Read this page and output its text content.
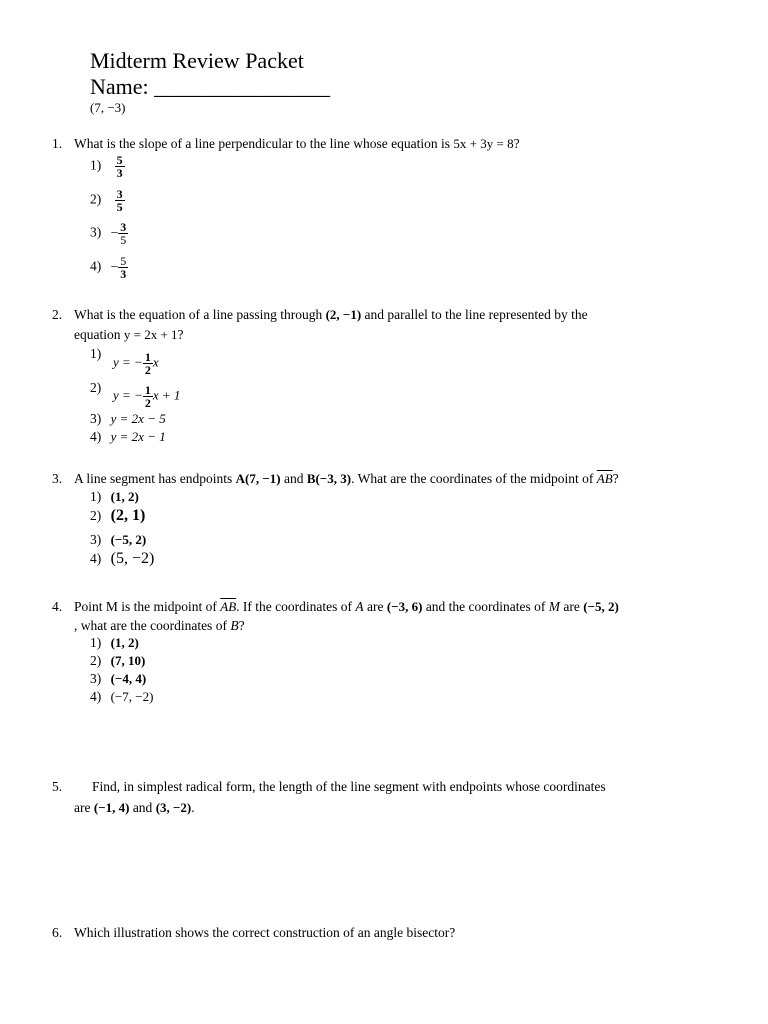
Midterm Review Packet
Name: ________________
(7, −3)
1. What is the slope of a line perpendicular to the line whose equation is 5x + 3y = 8?
$1) \frac{5}{3}$
$2) \frac{3}{5}$
$3) - \frac{3}{5}$
$4) - \frac{5}{3}$
2. What is the equation of a line passing through (2, −1) and parallel to the line represented by the
equation y = 2x + 1?
1)
y = − $\frac{1}{2}$ x
2)
y = − $\frac{1}{2}$ x + 1
3) y = 2x − 5
4) y = 2x − 1
3. A line segment has endpoints A(7, −1) and B(−3, 3). What are the coordinates of the midpoint of $\overline{AB}$?
1) (1, 2)
2) (2, 1)
3) (−5, 2)
4) (5, −2)
4. Point M is the midpoint of $\overline{AB}$. If the coordinates of A are (−3, 6) and the coordinates of M are (−5, 2)
, what are the coordinates of B?
1) (1, 2)
2) (7, 10)
3) (−4, 4)
4) (−7, −2)
5. Find, in simplest radical form, the length of the line segment with endpoints whose coordinates
are (−1, 4) and (3, −2).
6. Which illustration shows the correct construction of an angle bisector?
